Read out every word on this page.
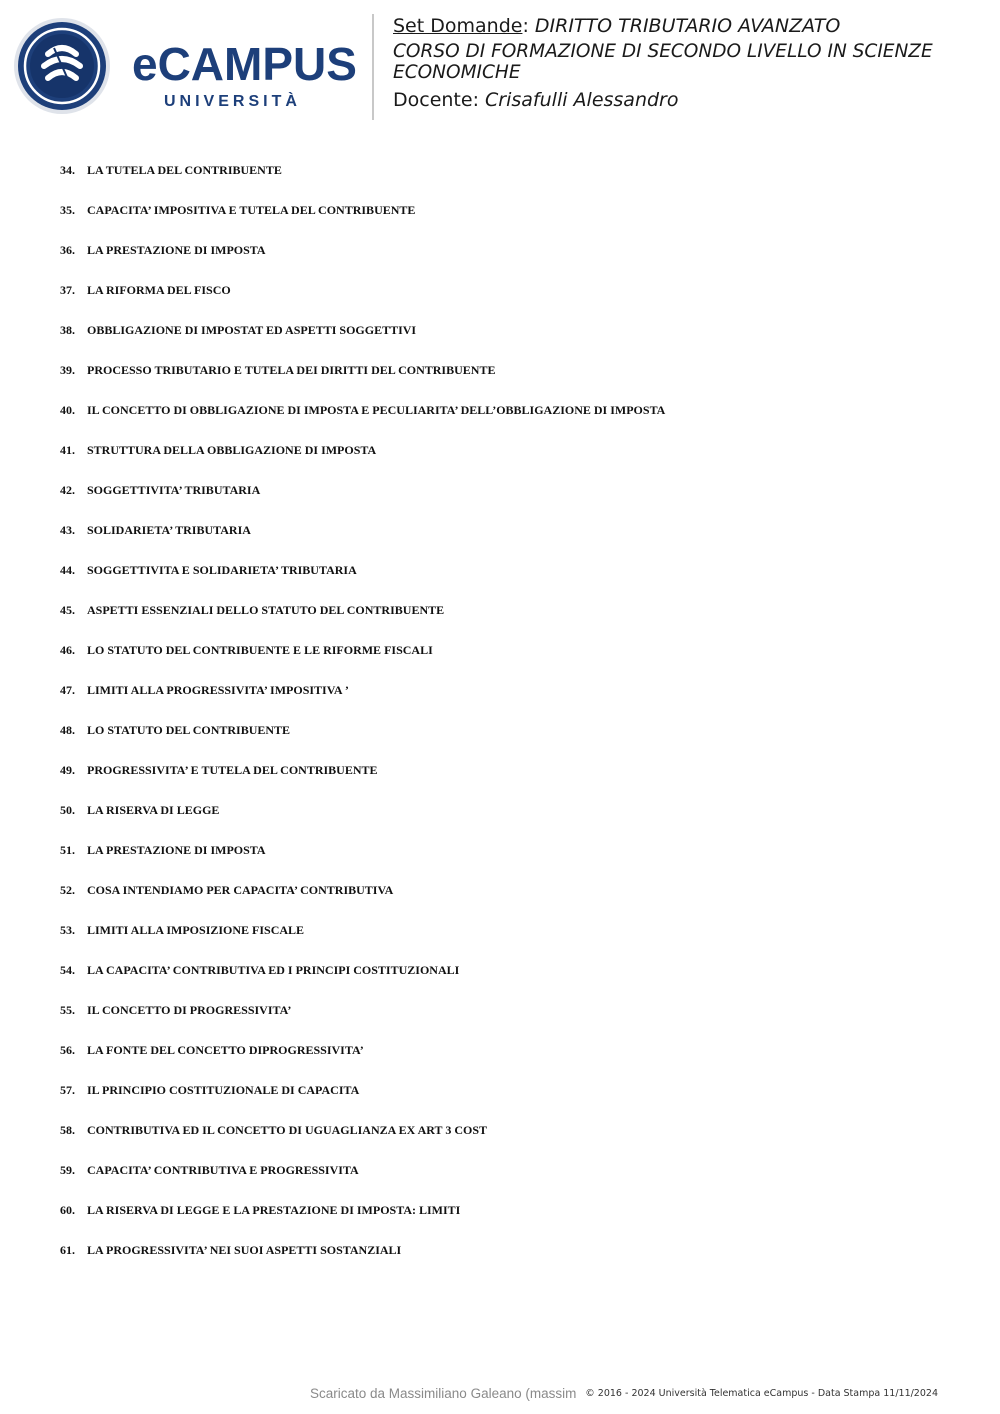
eCAMPUS
UNIVERSITÀ
Set Domande: DIRITTO TRIBUTARIO AVANZATO
CORSO DI FORMAZIONE DI SECONDO LIVELLO IN SCIENZE ECONOMICHE
Docente: Crisafulli Alessandro
34. LA TUTELA DEL CONTRIBUENTE
35. CAPACITA’ IMPOSITIVA E TUTELA DEL CONTRIBUENTE
36. LA PRESTAZIONE DI IMPOSTA
37. LA RIFORMA DEL FISCO
38. OBBLIGAZIONE DI IMPOSTAT ED ASPETTI SOGGETTIVI
39. PROCESSO TRIBUTARIO E TUTELA DEI DIRITTI DEL CONTRIBUENTE
40. IL CONCETTO DI OBBLIGAZIONE DI IMPOSTA E PECULIARITA’ DELL’OBBLIGAZIONE DI IMPOSTA
41. STRUTTURA DELLA OBBLIGAZIONE DI IMPOSTA
42. SOGGETTIVITA’ TRIBUTARIA
43. SOLIDARIETA’ TRIBUTARIA
44. SOGGETTIVITA E SOLIDARIETA’ TRIBUTARIA
45. ASPETTI ESSENZIALI DELLO STATUTO DEL CONTRIBUENTE
46. LO STATUTO DEL CONTRIBUENTE E LE RIFORME FISCALI
47. LIMITI ALLA PROGRESSIVITA’ IMPOSITIVA ’
48. LO STATUTO DEL CONTRIBUENTE
49. PROGRESSIVITA’ E TUTELA DEL CONTRIBUENTE
50. LA RISERVA DI LEGGE
51. LA PRESTAZIONE DI IMPOSTA
52. COSA INTENDIAMO PER CAPACITA’ CONTRIBUTIVA
53. LIMITI ALLA IMPOSIZIONE FISCALE
54. LA CAPACITA’ CONTRIBUTIVA ED I PRINCIPI COSTITUZIONALI
55. IL CONCETTO DI PROGRESSIVITA’
56. LA FONTE DEL CONCETTO DIPROGRESSIVITA’
57. IL PRINCIPIO COSTITUZIONALE DI CAPACITA
58. CONTRIBUTIVA ED IL CONCETTO DI UGUAGLIANZA EX ART 3 COST
59. CAPACITA’ CONTRIBUTIVA E PROGRESSIVITA
60. LA RISERVA DI LEGGE E LA PRESTAZIONE DI IMPOSTA: LIMITI
61. LA PROGRESSIVITA’ NEI SUOI ASPETTI SOSTANZIALI
Scaricato da Massimiliano Galeano (massim © 2016 - 2024 Università Telematica eCampus - Data Stampa 11/11/2024
